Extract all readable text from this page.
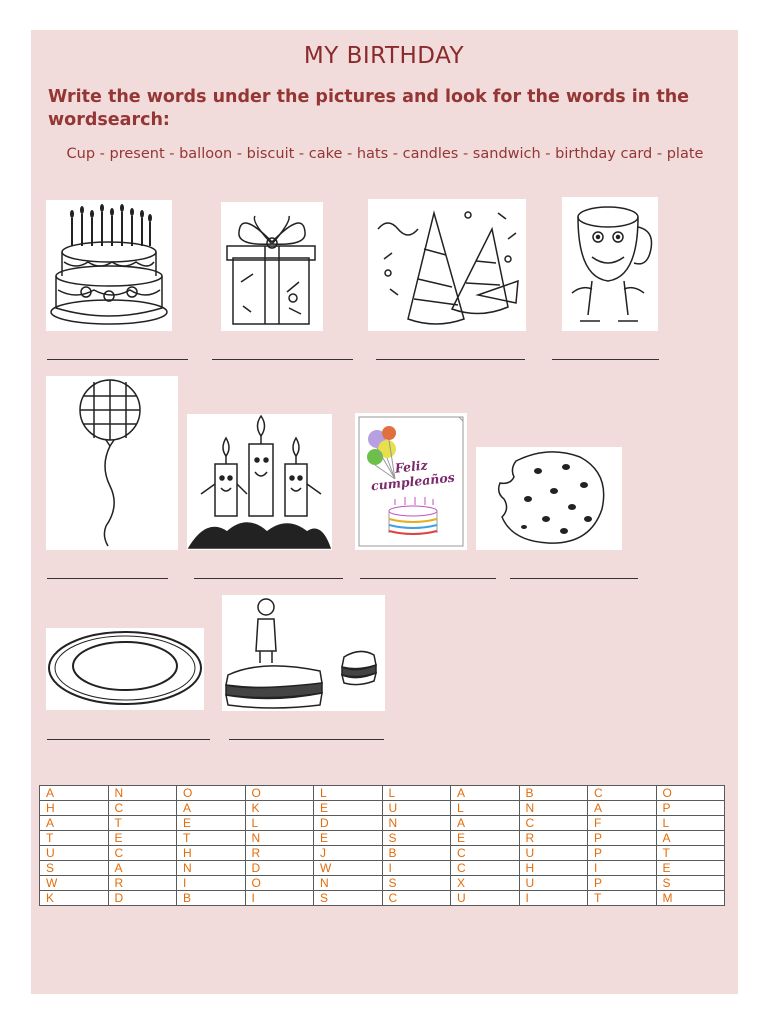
MY BIRTHDAY
Write the words under the pictures and look for the words in the wordsearch:
Cup - present - balloon - biscuit - cake - hats - candles - sandwich - birthday card - plate
Feliz cumpleaños
A	N	O	O	L	L	A	B	C	O
H	C	A	K	E	U	L	N	A	P
A	T	E	L	D	N	A	C	F	L
T	E	T	N	E	S	E	R	P	A
U	C	H	R	J	B	C	U	P	T
S	A	N	D	W	I	C	H	I	E
W	R	I	O	N	S	X	U	P	S
K	D	B	I	S	C	U	I	T	M
